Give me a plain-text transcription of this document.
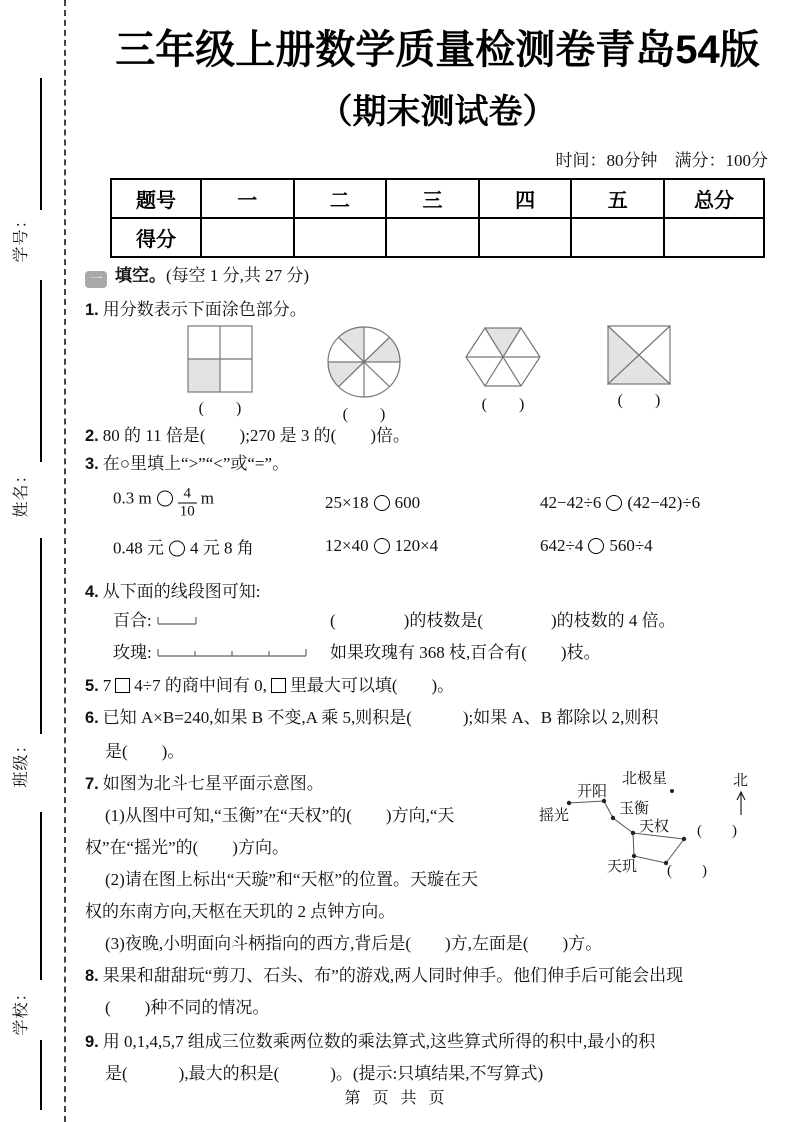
学号：
姓名：
班级：
学校：
三年级上册数学质量检测卷青岛54版
（期末测试卷）
时间：80分钟　满分：100分
题号	一	二	三	四	五	总分
得分						
一 填空。(每空 1 分,共 27 分)
1. 用分数表示下面涂色部分。
(　　)	(　　)
(　　)	(　　)
2. 80 的 11 倍是(　　);270 是 3 的(　　)倍。
3. 在○里填上“>”“<”或“=”。
0.3 m $\frac{4}{10}$ m	25×18 600	42−42÷6 (42−42)÷6
0.48 元 4 元 8 角	12×40 120×4	642÷4 560÷4
4. 从下面的线段图可知:
百合:	(　　　　)的枝数是(　　　　)的枝数的 4 倍。
玫瑰:	如果玫瑰有 368 枝,百合有(　　)枝。
5. 7 4÷7 的商中间有 0, 里最大可以填(　　)。
6. 已知 A×B=240,如果 B 不变,A 乘 5,则积是(　　　);如果 A、B 都除以 2,则积
是(　　)。
北极星	北
摇光
开阳
玉衡
天权
天玑
(　　)
(　　)
7. 如图为北斗七星平面示意图。
(1)从图中可知,“玉衡”在“天权”的(　　)方向,“天
权”在“摇光”的(　　)方向。
(2)请在图上标出“天璇”和“天枢”的位置。天璇在天
权的东南方向,天枢在天玑的 2 点钟方向。
(3)夜晚,小明面向斗柄指向的西方,背后是(　　)方,左面是(　　)方。
8. 果果和甜甜玩“剪刀、石头、布”的游戏,两人同时伸手。他们伸手后可能会出现
(　　)种不同的情况。
9. 用 0,1,4,5,7 组成三位数乘两位数的乘法算式,这些算式所得的积中,最小的积
是(　　　),最大的积是(　　　)。(提示:只填结果,不写算式)
第 页 共 页
